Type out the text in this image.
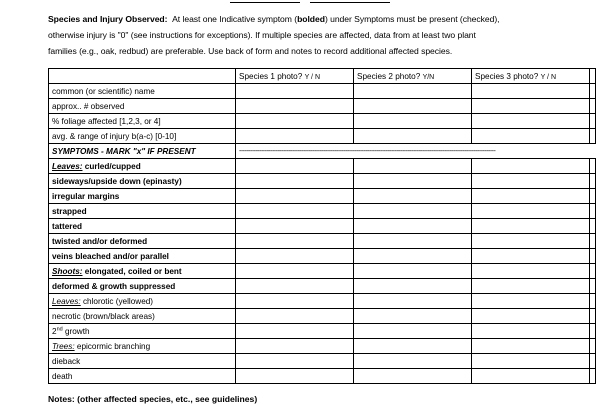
Species and Injury Observed: At least one Indicative symptom (bolded) under Symptoms must be present (checked),
otherwise injury is "0" (see instructions for exceptions). If multiple species are affected, data from at least two plant
families (e.g., oak, redbud) are preferable. Use back of form and notes to record additional affected species.
	Species 1 photo? Y / N	Species 2 photo? Y/N	Species 3 photo? Y / N	
common (or scientific) name				
approx.. # observed				
% foliage affected [1,2,3, or 4]				
avg. & range of injury b(a-c) [0-10]				
SYMPTOMS - MARK "x" IF PRESENT	--------------------------------------------------------------------------------------------------------------------------------------------			
Leaves: curled/cupped				
sideways/upside down (epinasty)				
irregular margins				
strapped				
tattered				
twisted and/or deformed				
veins bleached and/or parallel				
Shoots: elongated, coiled or bent				
deformed & growth suppressed				
Leaves: chlorotic (yellowed)				
necrotic (brown/black areas)				
2nd growth				
Trees: epicormic branching				
dieback				
death				
Notes: (other affected species, etc., see guidelines)
